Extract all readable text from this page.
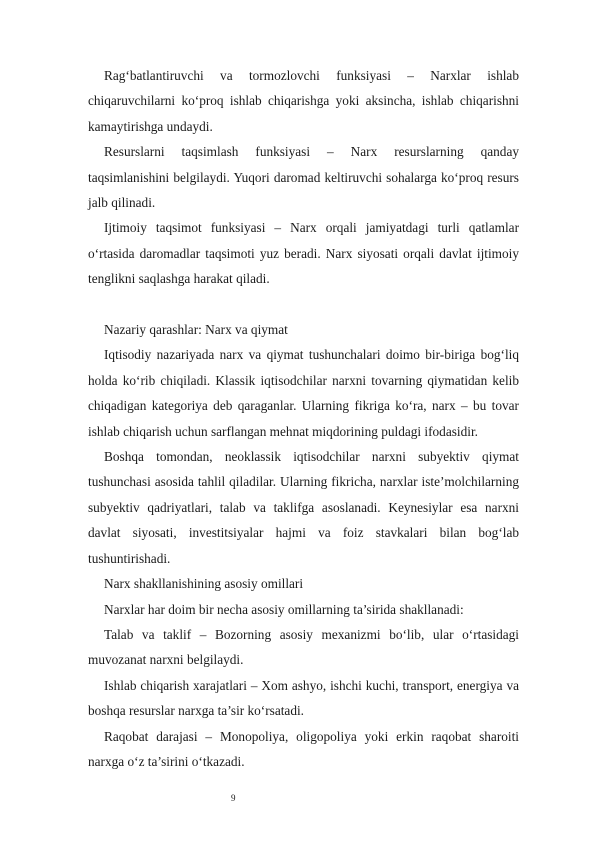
Rag‘batlantiruvchi va tormozlovchi funksiyasi – Narxlar ishlab chiqaruvchilarni ko‘proq ishlab chiqarishga yoki aksincha, ishlab chiqarishni kamaytirishga undaydi.

Resurslarni taqsimlash funksiyasi – Narx resurslarning qanday taqsimlanishini belgilaydi. Yuqori daromad keltiruvchi sohalarga ko‘proq resurs jalb qilinadi.

Ijtimoiy taqsimot funksiyasi – Narx orqali jamiyatdagi turli qatlamlar o‘rtasida daromadlar taqsimoti yuz beradi. Narx siyosati orqali davlat ijtimoiy tenglikni saqlashga harakat qiladi.

Nazariy qarashlar: Narx va qiymat

Iqtisodiy nazariyada narx va qiymat tushunchalari doimo bir-biriga bog‘liq holda ko‘rib chiqiladi. Klassik iqtisodchilar narxni tovarning qiymatidan kelib chiqadigan kategoriya deb qaraganlar. Ularning fikriga ko‘ra, narx – bu tovar ishlab chiqarish uchun sarflangan mehnat miqdorining puldagi ifodasidir.

Boshqa tomondan, neoklassik iqtisodchilar narxni subyektiv qiymat tushunchasi asosida tahlil qiladilar. Ularning fikricha, narxlar iste’molchilarning subyektiv qadriyatlari, talab va taklifga asoslanadi. Keynesiylar esa narxni davlat siyosati, investitsiyalar hajmi va foiz stavkalari bilan bog‘lab tushuntirishadi.

Narx shakllanishining asosiy omillari

Narxlar har doim bir necha asosiy omillarning ta’sirida shakllanadi:

Talab va taklif – Bozorning asosiy mexanizmi bo‘lib, ular o‘rtasidagi muvozanat narxni belgilaydi.

Ishlab chiqarish xarajatlari – Xom ashyo, ishchi kuchi, transport, energiya va boshqa resurslar narxga ta’sir ko‘rsatadi.

Raqobat darajasi – Monopoliya, oligopoliya yoki erkin raqobat sharoiti narxga o‘z ta’sirini o‘tkazadi.

9
